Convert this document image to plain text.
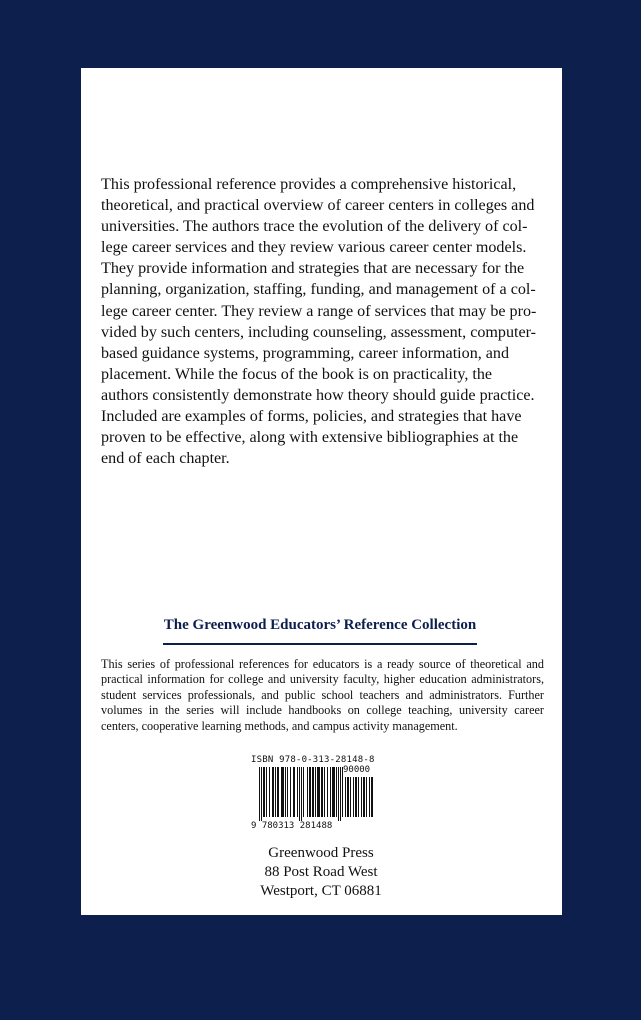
This professional reference provides a comprehensive historical,
theoretical, and practical overview of career centers in colleges and
universities. The authors trace the evolution of the delivery of col-
lege career services and they review various career center models.
They provide information and strategies that are necessary for the
planning, organization, staffing, funding, and management of a col-
lege career center. They review a range of services that may be pro-
vided by such centers, including counseling, assessment, computer-
based guidance systems, programming, career information, and
placement. While the focus of the book is on practicality, the
authors consistently demonstrate how theory should guide practice.
Included are examples of forms, policies, and strategies that have
proven to be effective, along with extensive bibliographies at the
end of each chapter.
The Greenwood Educators’ Reference Collection

This series of professional references for educators is a ready source of theoretical and practical information for college and university faculty, higher education administrators, student services professionals, and public school teachers and administrators. Further volumes in the series will include handbooks on college teaching, university career centers, cooperative learning methods, and campus activity management.

ISBN 978-0-313-28148-8
90000
9 780313 281488
Greenwood Press
88 Post Road West
Westport, CT 06881
